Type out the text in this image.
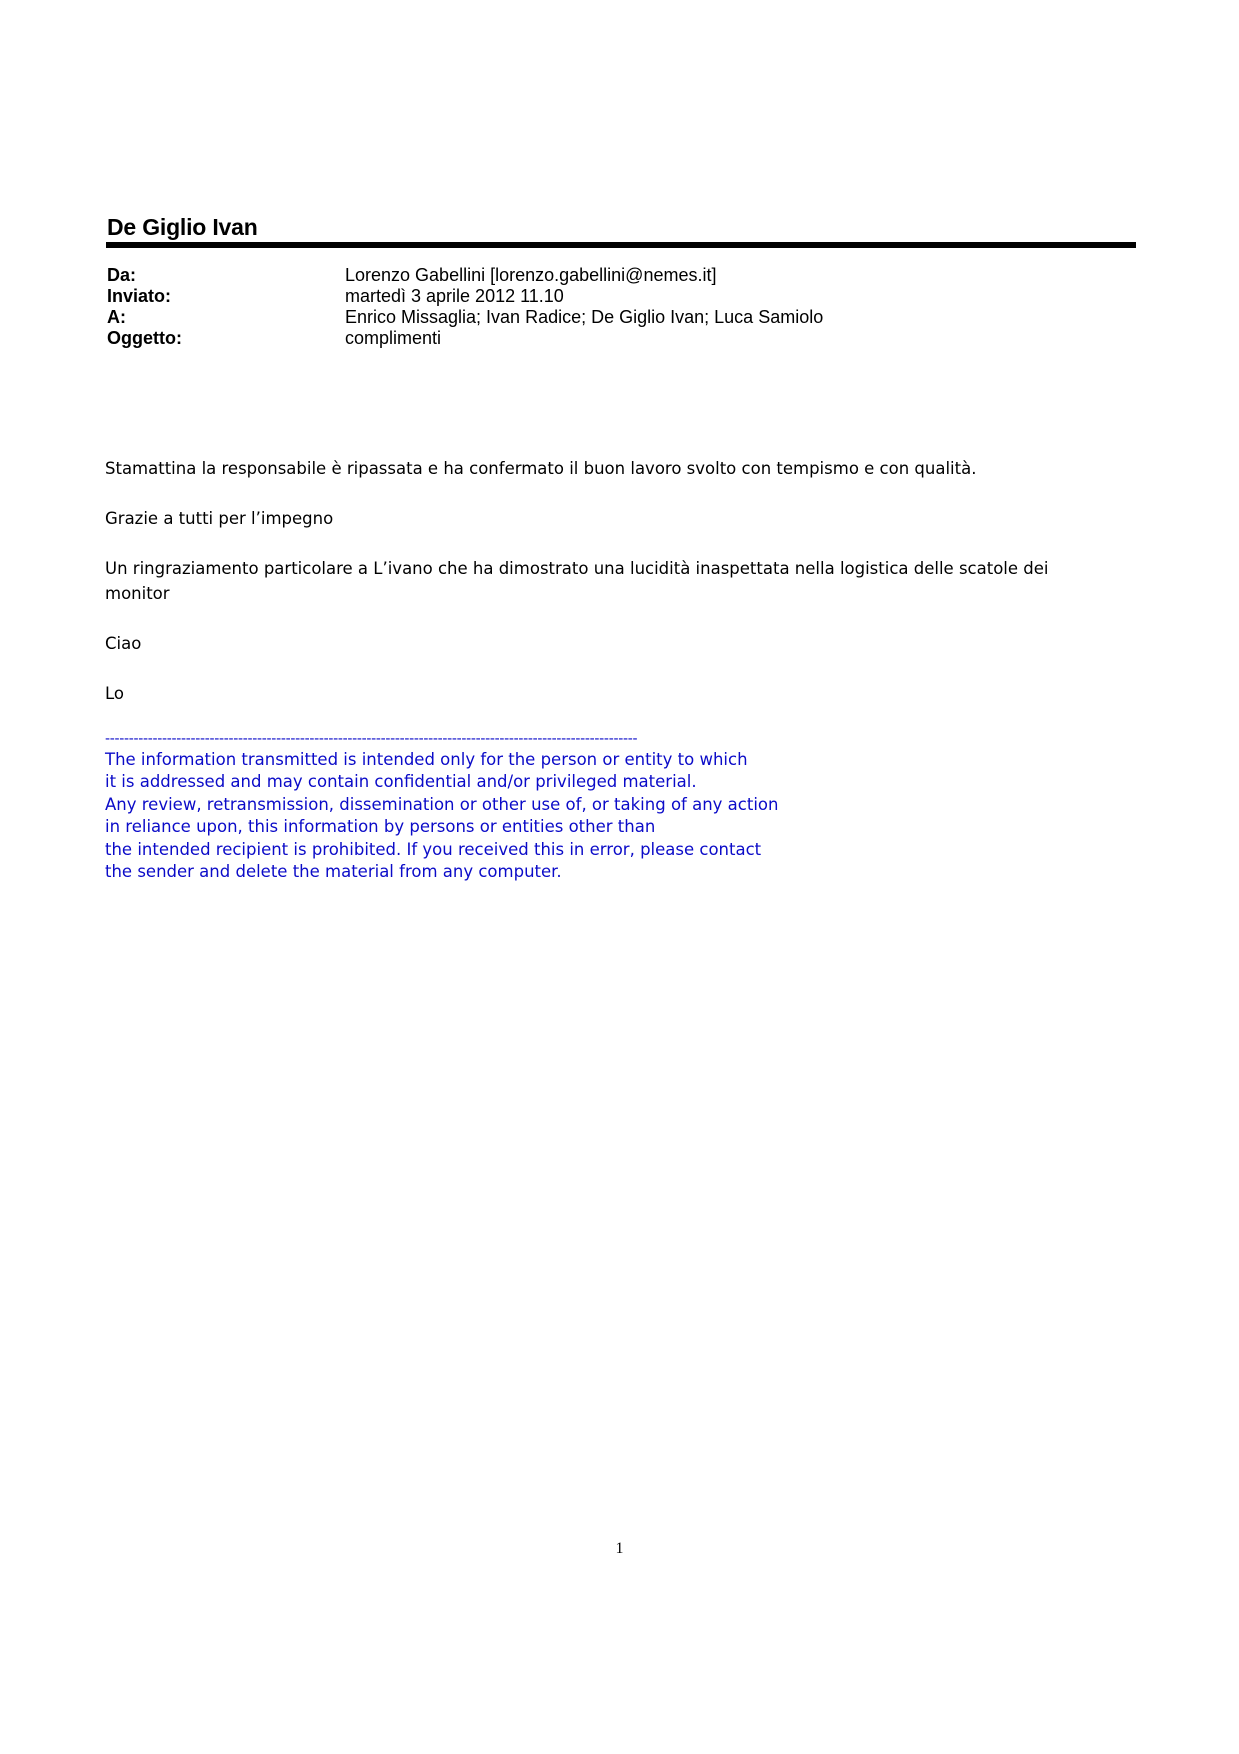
De Giglio Ivan
Da:	Lorenzo Gabellini [lorenzo.gabellini@nemes.it]
Inviato:	martedì 3 aprile 2012 11.10
A:	Enrico Missaglia; Ivan Radice; De Giglio Ivan; Luca Samiolo
Oggetto:	complimenti

Stamattina la responsabile è ripassata e ha confermato il buon lavoro svolto con tempismo e con qualità.

Grazie a tutti per l’impegno

Un ringraziamento particolare a L’ivano che ha dimostrato una lucidità inaspettata nella logistica delle scatole dei monitor

Ciao

Lo

----------------------------------------------------------------------------------------------------------------
The information transmitted is intended only for the person or entity to which
it is addressed and may contain confidential and/or privileged material.
Any review, retransmission, dissemination or other use of, or taking of any action
in reliance upon, this information by persons or entities other than
the intended recipient is prohibited. If you received this in error, please contact
the sender and delete the material from any computer.
1
